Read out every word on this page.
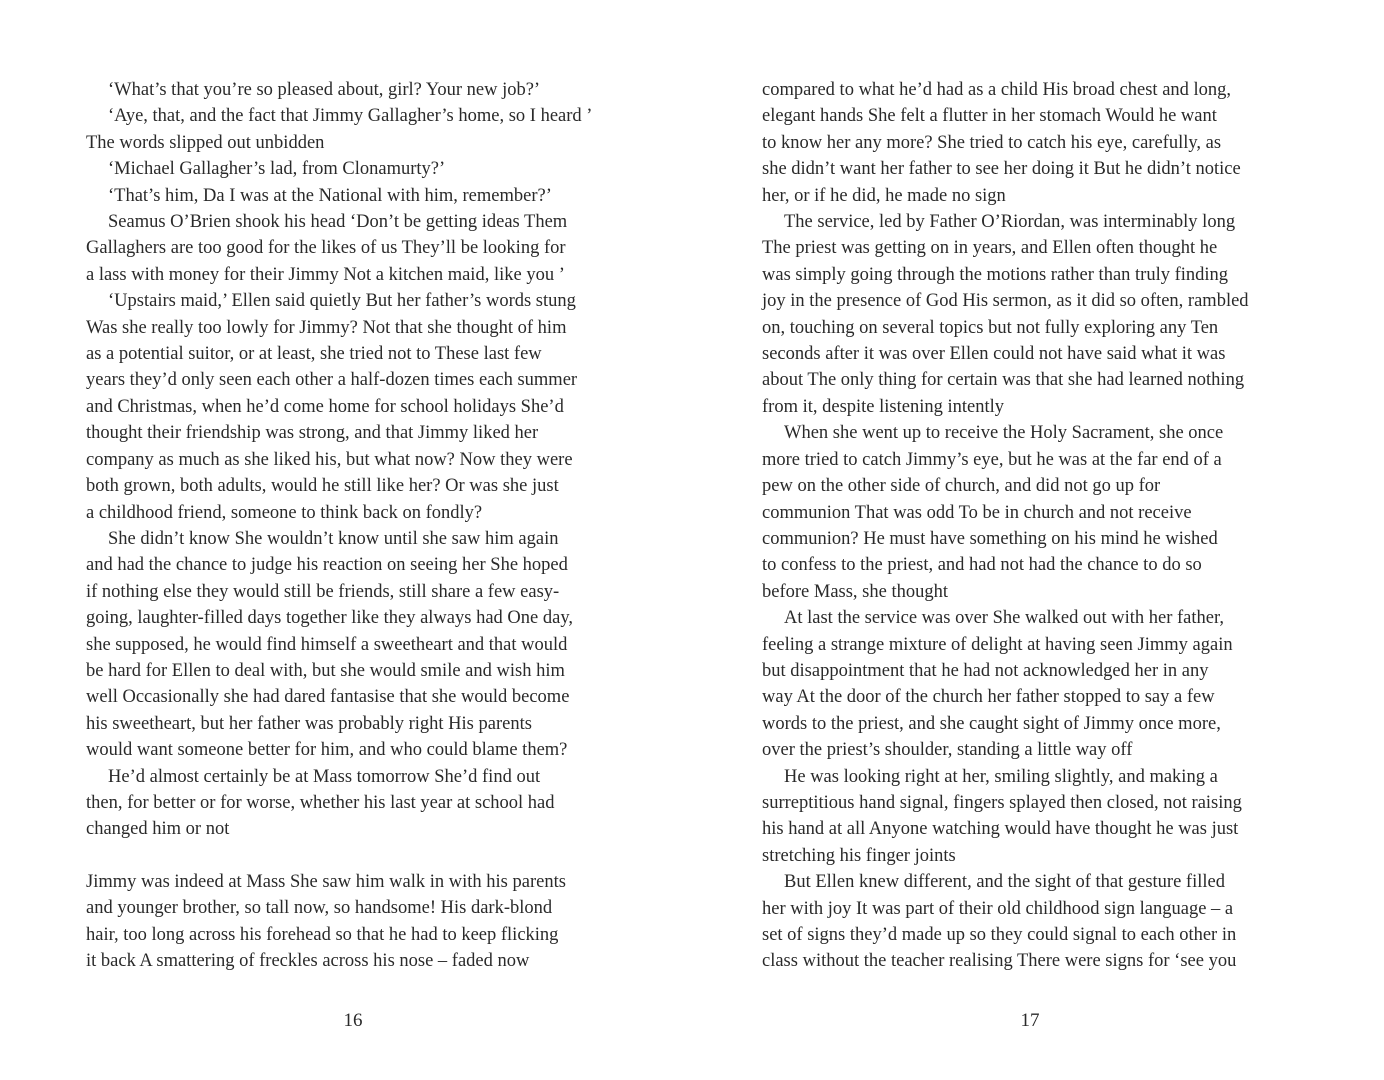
‘What’s that you’re so pleased about, girl? Your new job?’

‘Aye, that, and the fact that Jimmy Gallagher’s home, so I heard ’
The words slipped out unbidden

‘Michael Gallagher’s lad, from Clonamurty?’

‘That’s him, Da I was at the National with him, remember?’

Seamus O’Brien shook his head ‘Don’t be getting ideas Them
Gallaghers are too good for the likes of us They’ll be looking for
a lass with money for their Jimmy Not a kitchen maid, like you ’

‘Upstairs maid,’ Ellen said quietly But her father’s words stung
Was she really too lowly for Jimmy? Not that she thought of him
as a potential suitor, or at least, she tried not to These last few
years they’d only seen each other a half-dozen times each summer
and Christmas, when he’d come home for school holidays She’d
thought their friendship was strong, and that Jimmy liked her
company as much as she liked his, but what now? Now they were
both grown, both adults, would he still like her? Or was she just
a childhood friend, someone to think back on fondly?

She didn’t know She wouldn’t know until she saw him again
and had the chance to judge his reaction on seeing her She hoped
if nothing else they would still be friends, still share a few easy-
going, laughter-filled days together like they always had One day,
she supposed, he would find himself a sweetheart and that would
be hard for Ellen to deal with, but she would smile and wish him
well Occasionally she had dared fantasise that she would become
his sweetheart, but her father was probably right His parents
would want someone better for him, and who could blame them?

He’d almost certainly be at Mass tomorrow She’d find out
then, for better or for worse, whether his last year at school had
changed him or not

Jimmy was indeed at Mass She saw him walk in with his parents
and younger brother, so tall now, so handsome! His dark-blond
hair, too long across his forehead so that he had to keep flicking
it back A smattering of freckles across his nose – faded now

compared to what he’d had as a child His broad chest and long,
elegant hands She felt a flutter in her stomach Would he want
to know her any more? She tried to catch his eye, carefully, as
she didn’t want her father to see her doing it But he didn’t notice
her, or if he did, he made no sign

The service, led by Father O’Riordan, was interminably long
The priest was getting on in years, and Ellen often thought he
was simply going through the motions rather than truly finding
joy in the presence of God His sermon, as it did so often, rambled
on, touching on several topics but not fully exploring any Ten
seconds after it was over Ellen could not have said what it was
about The only thing for certain was that she had learned nothing
from it, despite listening intently

When she went up to receive the Holy Sacrament, she once
more tried to catch Jimmy’s eye, but he was at the far end of a
pew on the other side of church, and did not go up for
communion That was odd To be in church and not receive
communion? He must have something on his mind he wished
to confess to the priest, and had not had the chance to do so
before Mass, she thought

At last the service was over She walked out with her father,
feeling a strange mixture of delight at having seen Jimmy again
but disappointment that he had not acknowledged her in any
way At the door of the church her father stopped to say a few
words to the priest, and she caught sight of Jimmy once more,
over the priest’s shoulder, standing a little way off

He was looking right at her, smiling slightly, and making a
surreptitious hand signal, fingers splayed then closed, not raising
his hand at all Anyone watching would have thought he was just
stretching his finger joints

But Ellen knew different, and the sight of that gesture filled
her with joy It was part of their old childhood sign language – a
set of signs they’d made up so they could signal to each other in
class without the teacher realising There were signs for ‘see you

16	17
